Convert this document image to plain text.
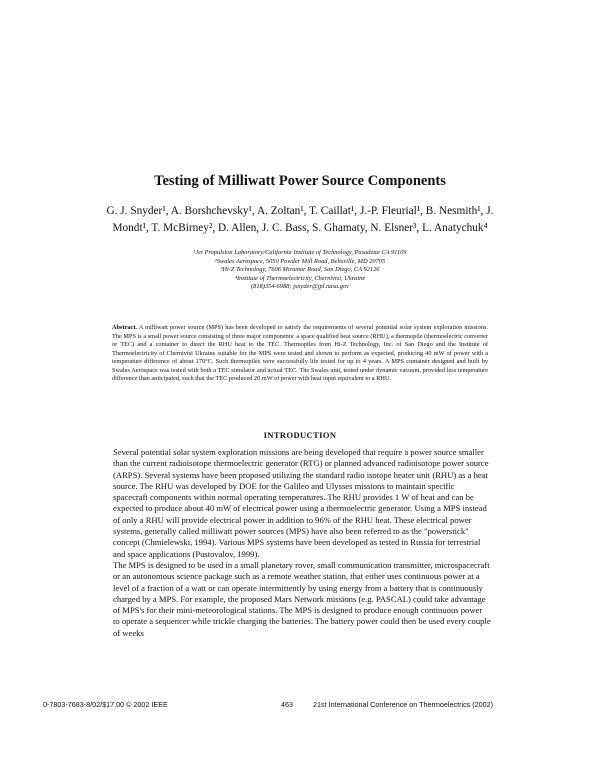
Testing of Milliwatt Power Source Components
G. J. Snyder¹, A. Borshchevsky¹, A. Zoltan¹, T. Caillat¹, J.-P. Fleurial¹, B. Nesmith¹, J. Mondt¹, T. McBirney², D. Allen, J. C. Bass, S. Ghamaty, N. Elsner³, L. Anatychuk⁴
¹Jet Propulsion Laboratory/California Institute of Technology, Pasadena CA 91109
²Swales Aerospace, 5050 Powder Mill Road, Beltsville, MD 20705
³Hi-Z Technology, 7606 Miramar Road, San Diego, CA 92126
⁴Institute of Thermoelectricity, Chernivtsi, Ukraine
(818)354-6988; jsnyder@jpl.nasa.gov
Abstract. A milliwatt power source (MPS) has been developed to satisfy the requirements of several potential solar system exploration missions. The MPS is a small power source consisting of three major components: a space qualified heat source (RHU), a thermopile (thermoelectric converter or TEC) and a container to direct the RHU heat to the TEC. Thermopiles from Hi-Z Technology, Inc. of San Diego and the Institute of Thermoelectricity of Chernivtsi Ukraine suitable for the MPS were tested and shown to perform as expected, producing 40 mW of power with a temperature difference of about 170°C. Such thermopiles were successfully life tested for up to 4 years. A MPS container designed and built by Swales Aerospace was tested with both a TEC simulator and actual TEC. The Swales unit, tested under dynamic vacuum, provided less temperature difference than anticipated, such that the TEC produced 20 mW of power with heat input equivalent to a RHU.
INTRODUCTION

Several potential solar system exploration missions are being developed that require a power source smaller than the current radioisotope thermoelectric generator (RTG) or planned advanced radioisotope power source (ARPS). Several systems have been proposed utilizing the standard radio isotope heater unit (RHU) as a heat source. The RHU was developed by DOE for the Galileo and Ulysses missions to maintain specific spacecraft components within normal operating temperatures. The RHU provides 1 W of heat and can be expected to produce about 40 mW of electrical power using a thermoelectric generator. Using a MPS instead of only a RHU will provide electrical power in addition to 96% of the RHU heat. These electrical power systems, generally called milliwatt power sources (MPS) have also been referred to as the "powerstick" concept (Chmielewski, 1994). Various MPS systems have been developed as tested in Russia for terrestrial and space applications (Pustovalov, 1999).

The MPS is designed to be used in a small planetary rover, small communication transmitter, microspacecraft or an autonomous science package such as a remote weather station, that either uses continuous power at a level of a fraction of a watt or can operate intermittently by using energy from a battery that is continuously charged by a MPS. For example, the proposed Mars Network missions (e.g. PASCAL) could take advantage of MPS's for their mini-meteorological stations. The MPS is designed to produce enough continuous power to operate a sequencer while trickle charging the batteries. The battery power could then be used every couple of weeks

0-7803-7683-8/02/$17.00 © 2002 IEEE	463	21st International Conference on Thermoelectrics (2002)
